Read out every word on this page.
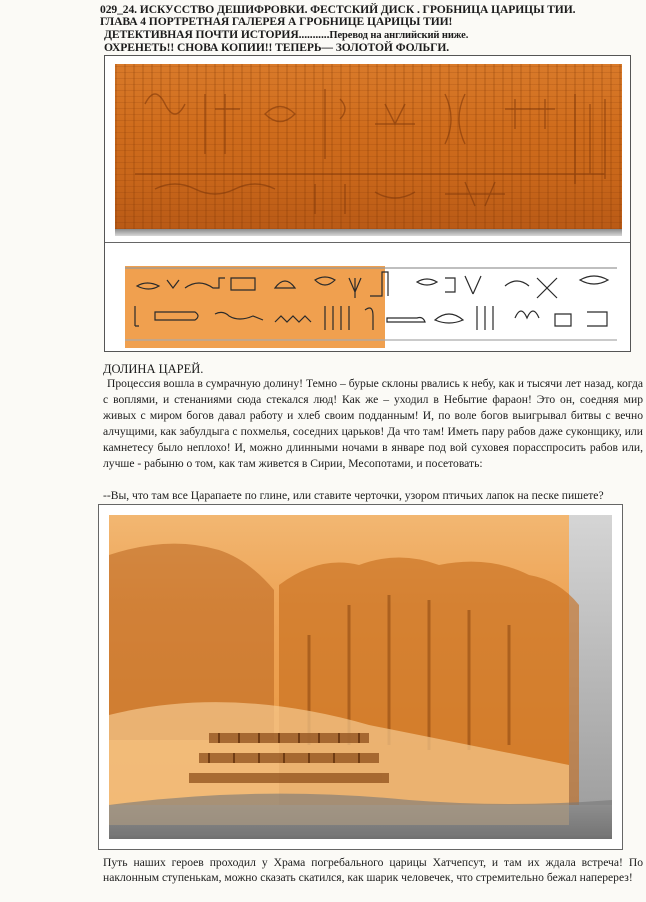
029_24. ИСКУССТВО ДЕШИФРОВКИ. ФЕСТСКИЙ ДИСК . ГРОБНИЦА ЦАРИЦЫ ТИИ.
ГЛАВА 4 ПОРТРЕТНАЯ ГАЛЕРЕЯ А ГРОБНИЦЕ ЦАРИЦЫ ТИИ!
ДЕТЕКТИВНАЯ ПОЧТИ ИСТОРИЯ...........Перевод на английский ниже.
ОХРЕНЕТЬ!! СНОВА КОПИИ!! ТЕПЕРЬ— ЗОЛОТОЙ ФОЛЬГИ.
ДОЛИНА ЦАРЕЙ.
Процессия вошла в сумрачную долину! Темно – бурые склоны рвались к небу, как и тысячи лет назад, когда с воплями, и стенаниями сюда стекался люд! Как же – уходил в Небытие фараон! Это он, соедняя мир живых с миром богов давал работу и хлеб своим подданным! И, по воле богов выигрывал битвы с вечно алчущими, как забулдыга с похмелья, соседних царьков! Да что там! Иметь пару рабов даже суконщику, или камнетесу было неплохо! И, можно длинными ночами в январе под вой суховея порасспросить рабов или, лучше - рабыню о том, как там живется в Сирии, Месопотами, и посетовать:
--Вы, что там все Царапаете по глине, или ставите черточки, узором птичьих лапок на песке пишете?
Путь наших героев проходил у Храма погребального царицы Хатчепсут, и там их ждала встреча! По наклонным ступенькам, можно сказать скатился, как шарик человечек, что стремительно бежал наперерез!
